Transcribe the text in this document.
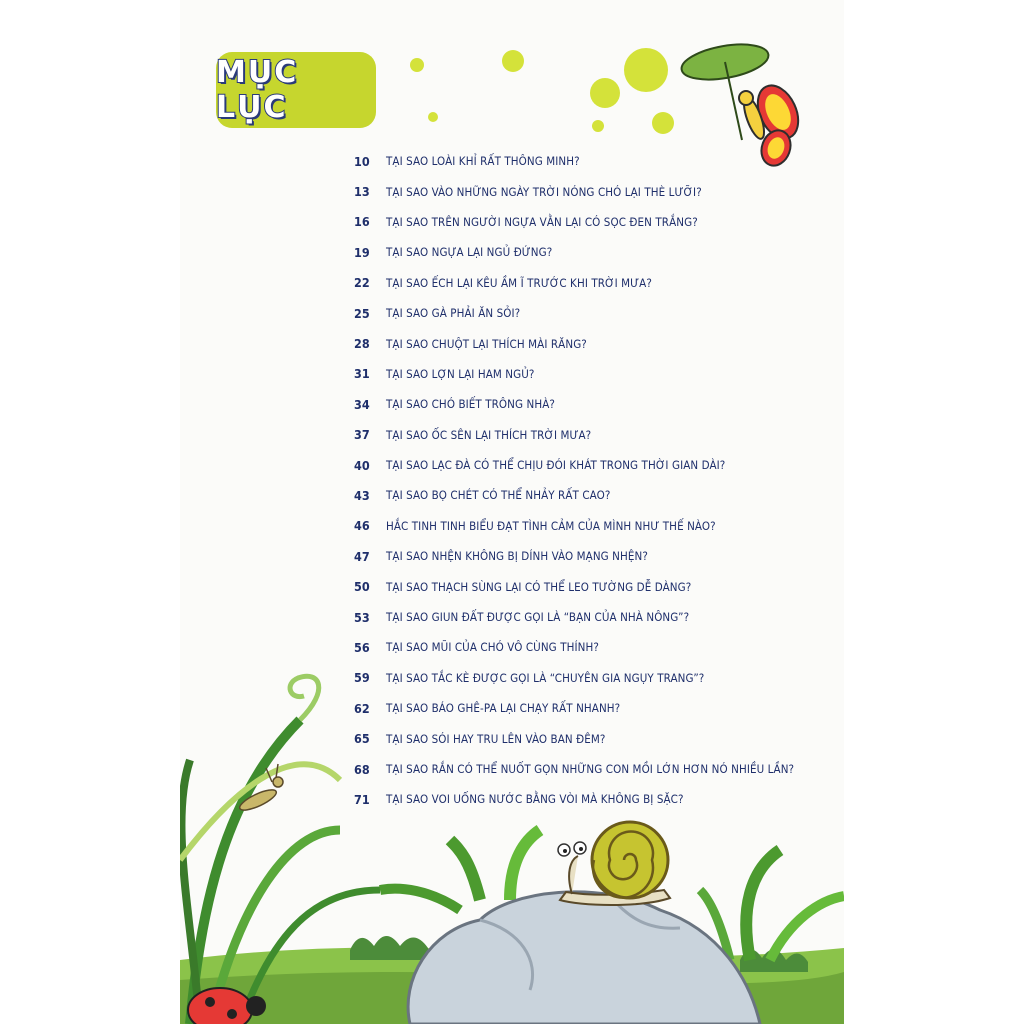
MỤC LỤC
10	TẠI SAO LOÀI KHỈ RẤT THÔNG MINH?
13	TẠI SAO VÀO NHỮNG NGÀY TRỜI NÓNG CHÓ LẠI THÈ LƯỠI?
16	TẠI SAO TRÊN NGƯỜI NGỰA VẰN LẠI CÓ SỌC ĐEN TRẮNG?
19	TẠI SAO NGỰA LẠI NGỦ ĐỨNG?
22	TẠI SAO ẾCH LẠI KÊU ẦM Ĩ TRƯỚC KHI TRỜI MƯA?
25	TẠI SAO GÀ PHẢI ĂN SỎI?
28	TẠI SAO CHUỘT LẠI THÍCH MÀI RĂNG?
31	TẠI SAO LỢN LẠI HAM NGỦ?
34	TẠI SAO CHÓ BIẾT TRÔNG NHÀ?
37	TẠI SAO ỐC SÊN LẠI THÍCH TRỜI MƯA?
40	TẠI SAO LẠC ĐÀ CÓ THỂ CHỊU ĐÓI KHÁT TRONG THỜI GIAN DÀI?
43	TẠI SAO BỌ CHÉT CÓ THỂ NHẢY RẤT CAO?
46	HẮC TINH TINH BIỂU ĐẠT TÌNH CẢM CỦA MÌNH NHƯ THẾ NÀO?
47	TẠI SAO NHỆN KHÔNG BỊ DÍNH VÀO MẠNG NHỆN?
50	TẠI SAO THẠCH SÙNG LẠI CÓ THỂ LEO TƯỜNG DỄ DÀNG?
53	TẠI SAO GIUN ĐẤT ĐƯỢC GỌI LÀ “BẠN CỦA NHÀ NÔNG”?
56	TẠI SAO MŨI CỦA CHÓ VÔ CÙNG THÍNH?
59	TẠI SAO TẮC KÈ ĐƯỢC GỌI LÀ “CHUYÊN GIA NGỤY TRANG”?
62	TẠI SAO BÁO GHÊ-PA LẠI CHẠY RẤT NHANH?
65	TẠI SAO SÓI HAY TRU LÊN VÀO BAN ĐÊM?
68	TẠI SAO RẮN CÓ THỂ NUỐT GỌN NHỮNG CON MỒI LỚN HƠN NÓ NHIỀU LẦN?
71	TẠI SAO VOI UỐNG NƯỚC BẰNG VÒI MÀ KHÔNG BỊ SẶC?
